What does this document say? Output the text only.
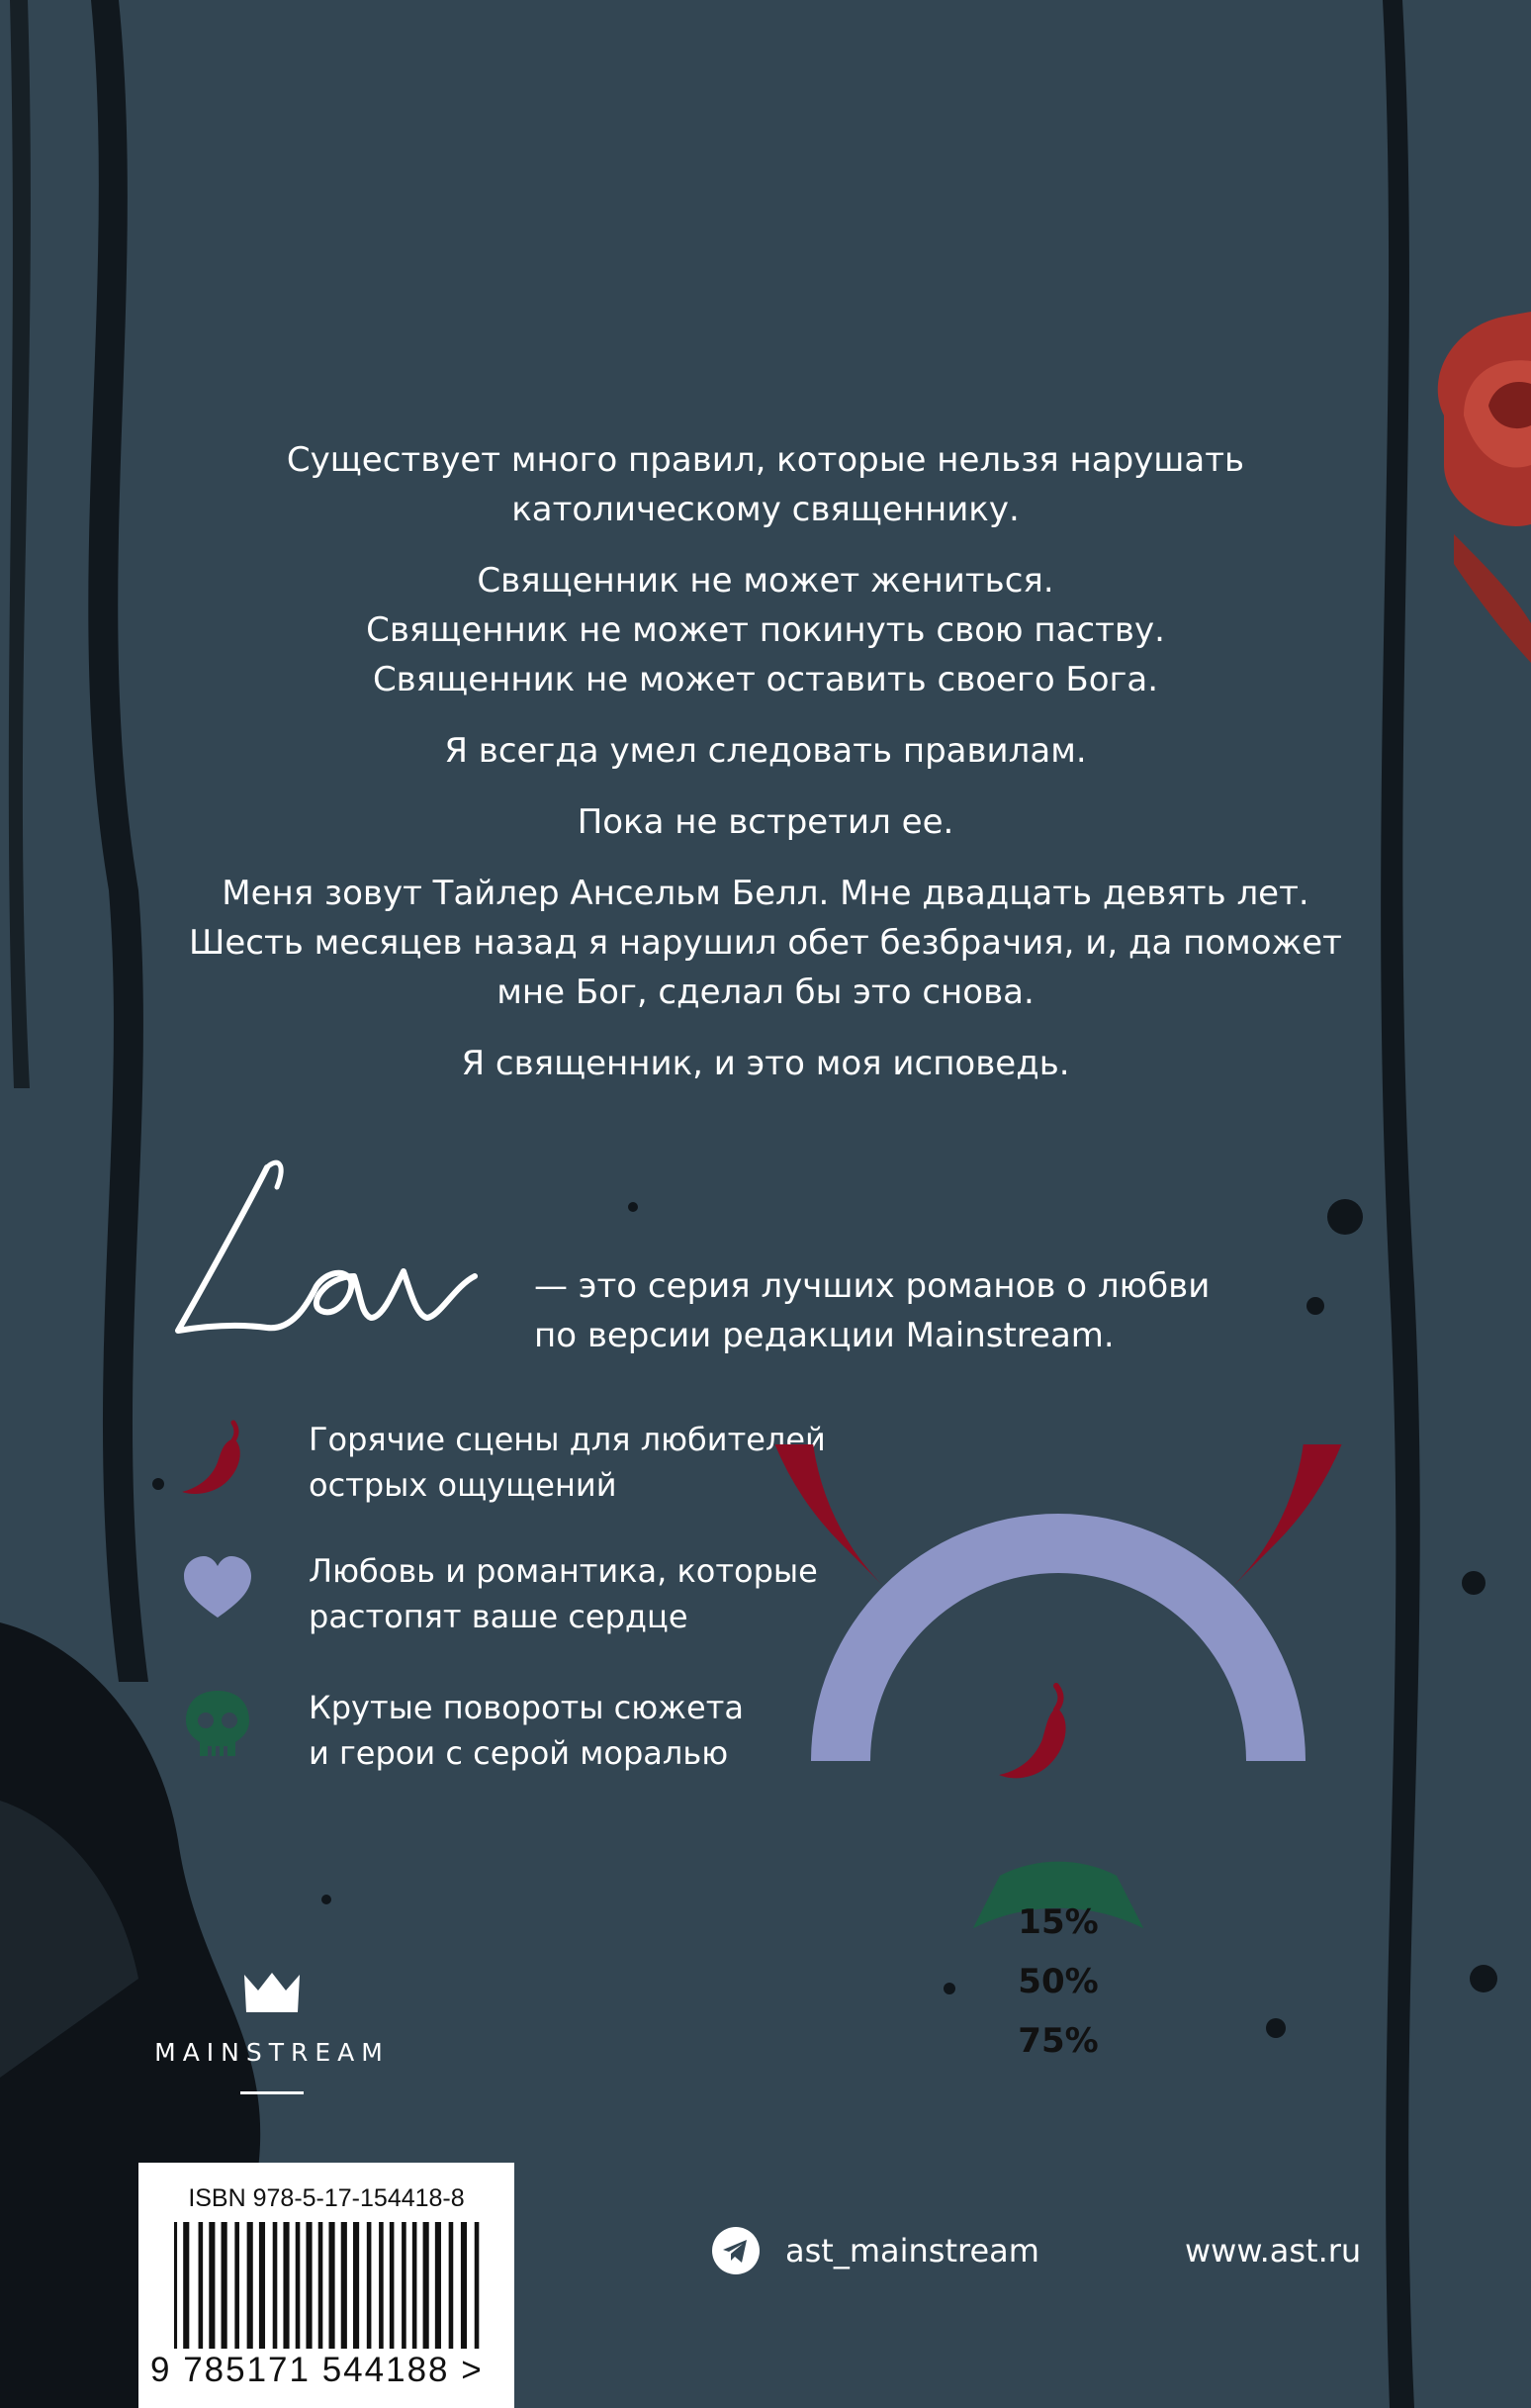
Существует много правил, которые нельзя нарушать
католическому священнику.

Священник не может жениться.
Священник не может покинуть свою паству.
Священник не может оставить своего Бога.

Я всегда умел следовать правилам.

Пока не встретил ее.

Меня зовут Тайлер Ансельм Белл. Мне двадцать девять лет.
Шесть месяцев назад я нарушил обет безбрачия, и, да поможет
мне Бог, сделал бы это снова.

Я священник, и это моя исповедь.

— это серия лучших романов о любви
по версии редакции Mainstream.
Горячие сцены для любителей
острых ощущений
Любовь и романтика, которые
растопят ваше сердце
Крутые повороты сюжета
и герои с серой моралью
75%
50%
15%
MAINSTREAM
ISBN 978-5-17-154418-8
9 785171 544188 >
ast_mainstream	www.ast.ru
